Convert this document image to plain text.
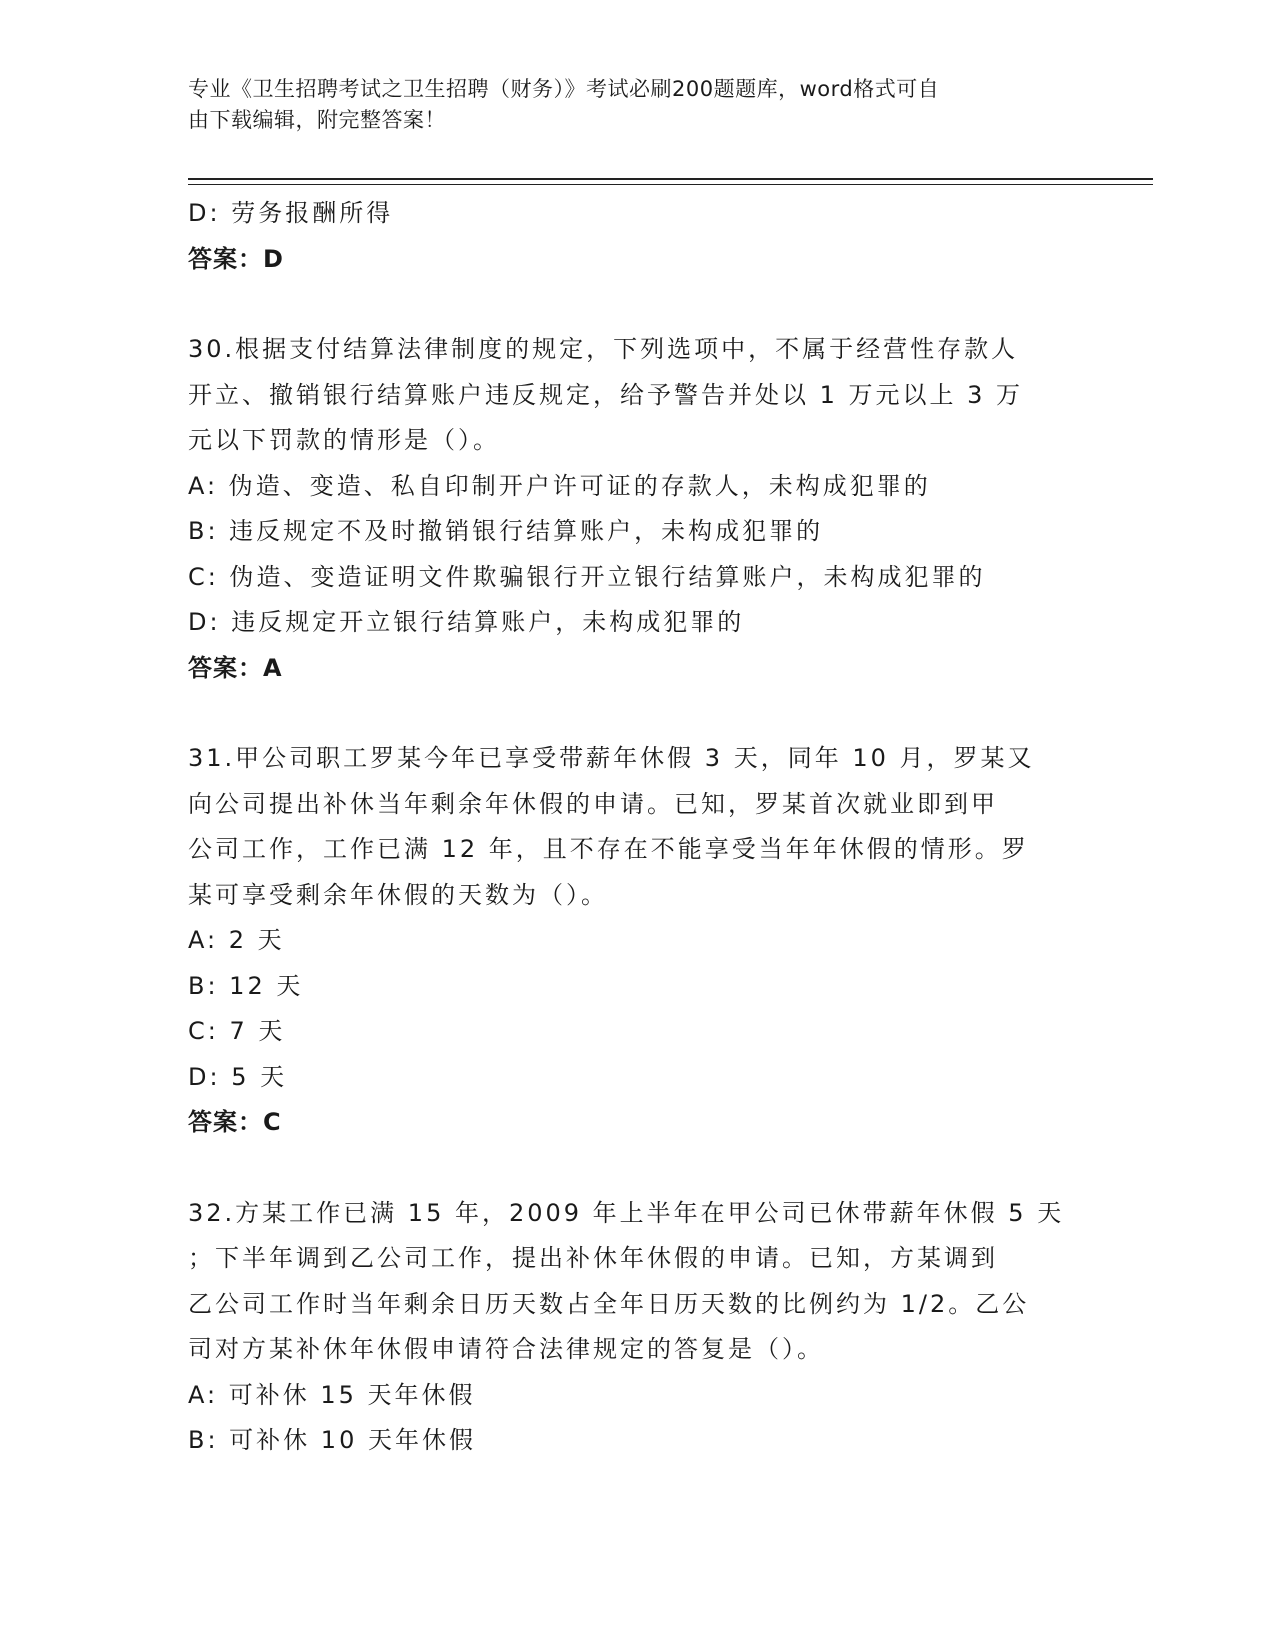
专业《卫生招聘考试之卫生招聘（财务）》考试必刷200题题库，word格式可自
由下载编辑，附完整答案！
D: 劳务报酬所得
答案：D
30.根据支付结算法律制度的规定，下列选项中，不属于经营性存款人
开立、撤销银行结算账户违反规定，给予警告并处以 1 万元以上 3 万
元以下罚款的情形是（）。
A: 伪造、变造、私自印制开户许可证的存款人，未构成犯罪的
B: 违反规定不及时撤销银行结算账户，未构成犯罪的
C: 伪造、变造证明文件欺骗银行开立银行结算账户，未构成犯罪的
D: 违反规定开立银行结算账户，未构成犯罪的
答案：A
31.甲公司职工罗某今年已享受带薪年休假 3 天，同年 10 月，罗某又
向公司提出补休当年剩余年休假的申请。已知，罗某首次就业即到甲
公司工作，工作已满 12 年，且不存在不能享受当年年休假的情形。罗
某可享受剩余年休假的天数为（）。
A: 2 天
B: 12 天
C: 7 天
D: 5 天
答案：C
32.方某工作已满 15 年，2009 年上半年在甲公司已休带薪年休假 5 天
；下半年调到乙公司工作，提出补休年休假的申请。已知，方某调到
乙公司工作时当年剩余日历天数占全年日历天数的比例约为 1/2。乙公
司对方某补休年休假申请符合法律规定的答复是（）。
A: 可补休 15 天年休假
B: 可补休 10 天年休假
